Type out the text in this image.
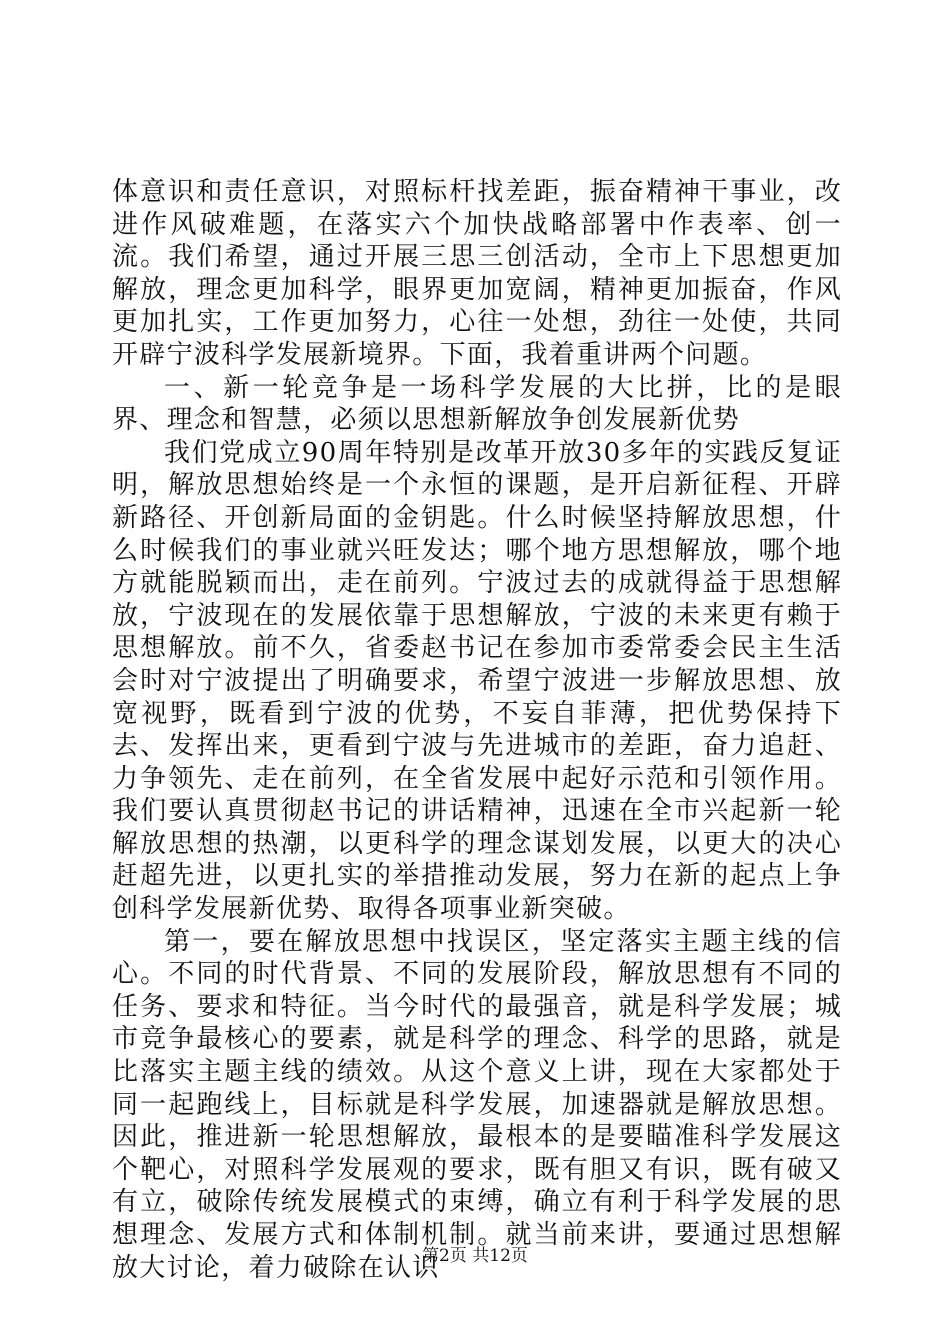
体意识和责任意识，对照标杆找差距，振奋精神干事业，改进作风破难题，在落实六个加快战略部署中作表率、创一流。我们希望，通过开展三思三创活动，全市上下思想更加解放，理念更加科学，眼界更加宽阔，精神更加振奋，作风更加扎实，工作更加努力，心往一处想，劲往一处使，共同开辟宁波科学发展新境界。下面，我着重讲两个问题。

一、新一轮竞争是一场科学发展的大比拼，比的是眼界、理念和智慧，必须以思想新解放争创发展新优势

我们党成立90周年特别是改革开放30多年的实践反复证明，解放思想始终是一个永恒的课题，是开启新征程、开辟新路径、开创新局面的金钥匙。什么时候坚持解放思想，什么时候我们的事业就兴旺发达；哪个地方思想解放，哪个地方就能脱颖而出，走在前列。宁波过去的成就得益于思想解放，宁波现在的发展依靠于思想解放，宁波的未来更有赖于思想解放。前不久，省委赵书记在参加市委常委会民主生活会时对宁波提出了明确要求，希望宁波进一步解放思想、放宽视野，既看到宁波的优势，不妄自菲薄，把优势保持下去、发挥出来，更看到宁波与先进城市的差距，奋力追赶、力争领先、走在前列，在全省发展中起好示范和引领作用。我们要认真贯彻赵书记的讲话精神，迅速在全市兴起新一轮解放思想的热潮，以更科学的理念谋划发展，以更大的决心赶超先进，以更扎实的举措推动发展，努力在新的起点上争创科学发展新优势、取得各项事业新突破。

第一，要在解放思想中找误区，坚定落实主题主线的信心。不同的时代背景、不同的发展阶段，解放思想有不同的任务、要求和特征。当今时代的最强音，就是科学发展；城市竞争最核心的要素，就是科学的理念、科学的思路，就是比落实主题主线的绩效。从这个意义上讲，现在大家都处于同一起跑线上，目标就是科学发展，加速器就是解放思想。因此，推进新一轮思想解放，最根本的是要瞄准科学发展这个靶心，对照科学发展观的要求，既有胆又有识，既有破又有立，破除传统发展模式的束缚，确立有利于科学发展的思想理念、发展方式和体制机制。就当前来讲，要通过思想解放大讨论，着力破除在认识

第2页 共12页
